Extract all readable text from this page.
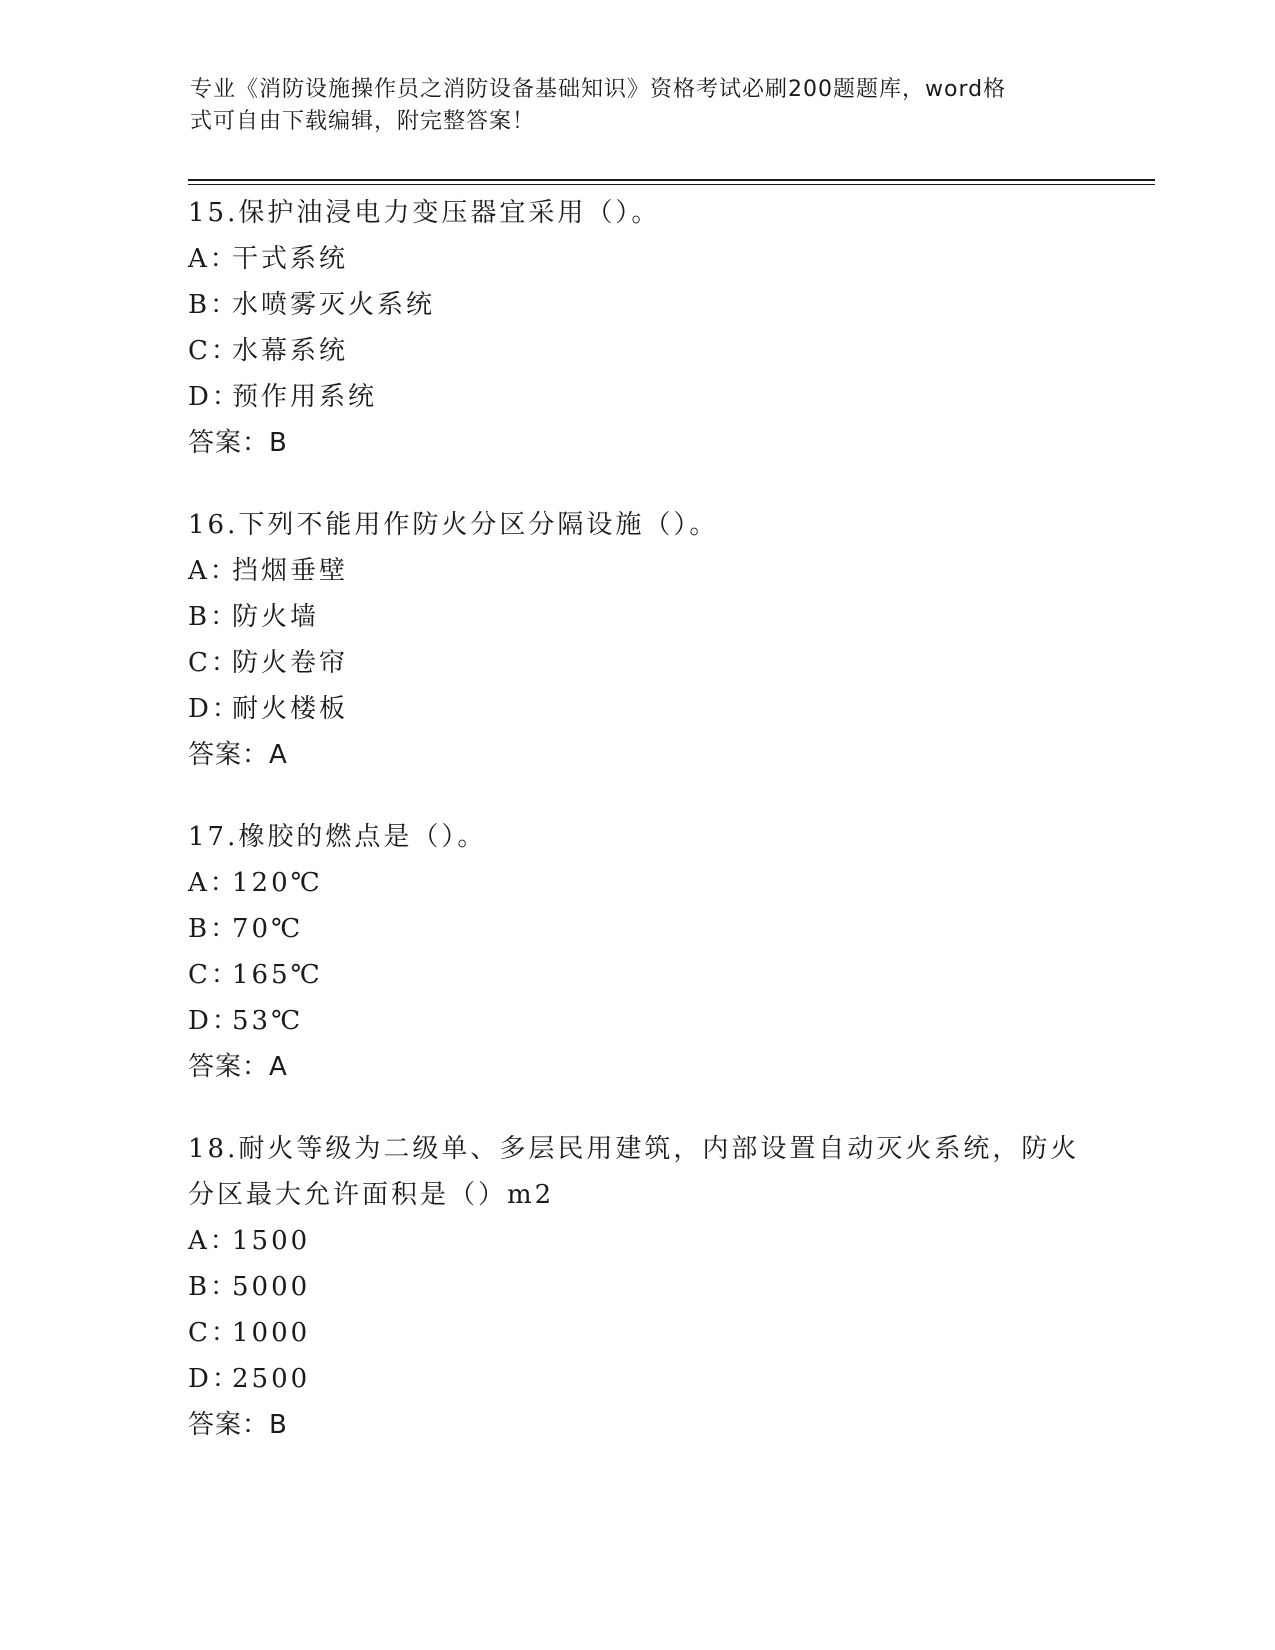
专业《消防设施操作员之消防设备基础知识》资格考试必刷200题题库，word格
式可自由下载编辑，附完整答案！

15.保护油浸电力变压器宜采用（）。

A：干式系统

B：水喷雾灭火系统

C：水幕系统

D：预作用系统

答案：B

16.下列不能用作防火分区分隔设施（）。

A：挡烟垂壁

B：防火墙

C：防火卷帘

D：耐火楼板

答案：A

17.橡胶的燃点是（）。

A：120℃

B：70℃

C：165℃

D：53℃

答案：A

18.耐火等级为二级单、多层民用建筑，内部设置自动灭火系统，防火分区最大允许面积是（）m2

A：1500

B：5000

C：1000

D：2500

答案：B
